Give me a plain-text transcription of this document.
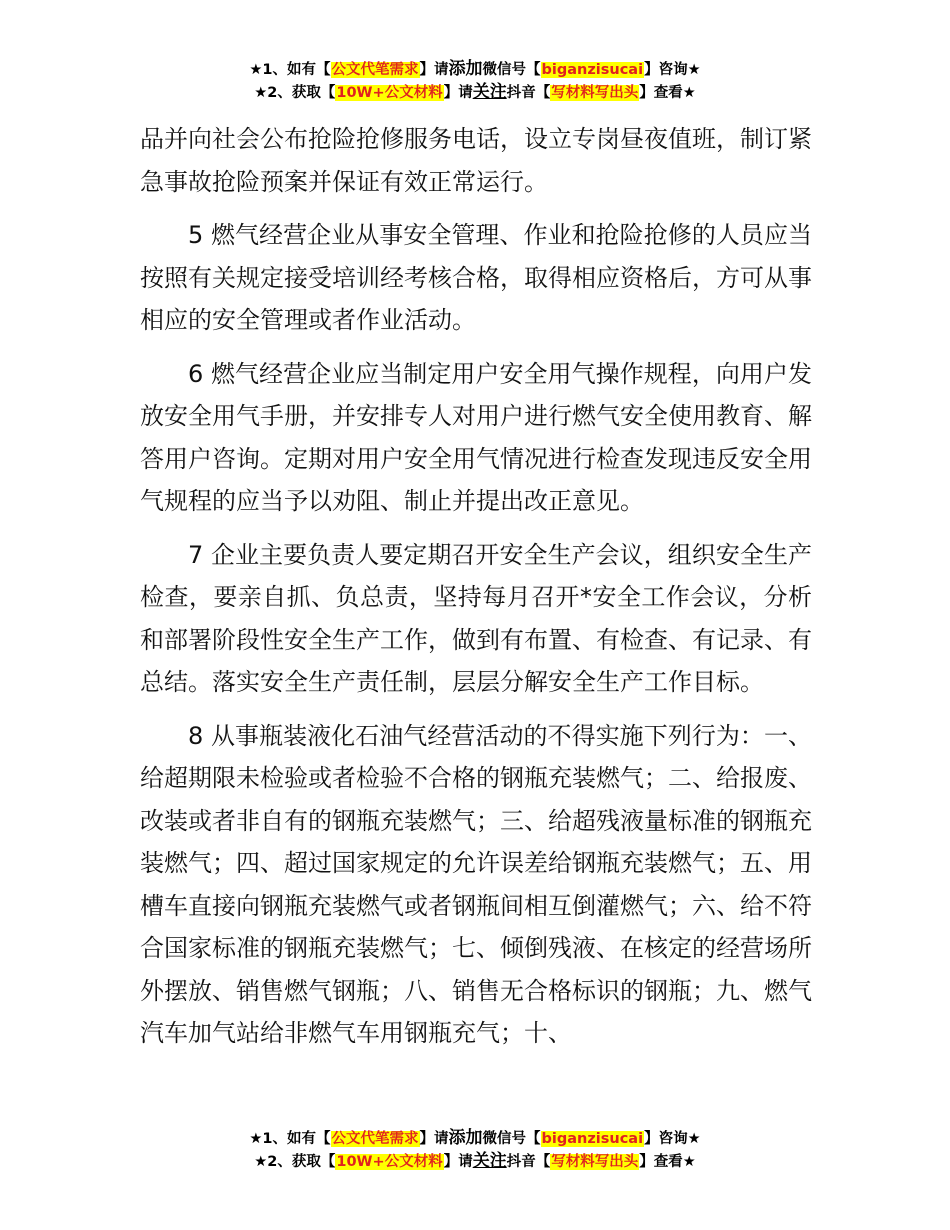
★1、如有【公文代笔需求】请添加微信号【biganzisucai】咨询★
★2、获取【10W+公文材料】请关注抖音【写材料写出头】查看★

品并向社会公布抢险抢修服务电话，设立专岗昼夜值班，制订紧急事故抢险预案并保证有效正常运行。

5 燃气经营企业从事安全管理、作业和抢险抢修的人员应当按照有关规定接受培训经考核合格，取得相应资格后，方可从事相应的安全管理或者作业活动。

6 燃气经营企业应当制定用户安全用气操作规程，向用户发放安全用气手册，并安排专人对用户进行燃气安全使用教育、解答用户咨询。定期对用户安全用气情况进行检查发现违反安全用气规程的应当予以劝阻、制止并提出改正意见。

7 企业主要负责人要定期召开安全生产会议，组织安全生产检查，要亲自抓、负总责，坚持每月召开*安全工作会议，分析和部署阶段性安全生产工作，做到有布置、有检查、有记录、有总结。落实安全生产责任制，层层分解安全生产工作目标。

8 从事瓶装液化石油气经营活动的不得实施下列行为：一、给超期限未检验或者检验不合格的钢瓶充装燃气；二、给报废、改装或者非自有的钢瓶充装燃气；三、给超残液量标准的钢瓶充装燃气；四、超过国家规定的允许误差给钢瓶充装燃气；五、用槽车直接向钢瓶充装燃气或者钢瓶间相互倒灌燃气；六、给不符合国家标准的钢瓶充装燃气；七、倾倒残液、在核定的经营场所外摆放、销售燃气钢瓶；八、销售无合格标识的钢瓶；九、燃气汽车加气站给非燃气车用钢瓶充气；十、

★1、如有【公文代笔需求】请添加微信号【biganzisucai】咨询★
★2、获取【10W+公文材料】请关注抖音【写材料写出头】查看★
